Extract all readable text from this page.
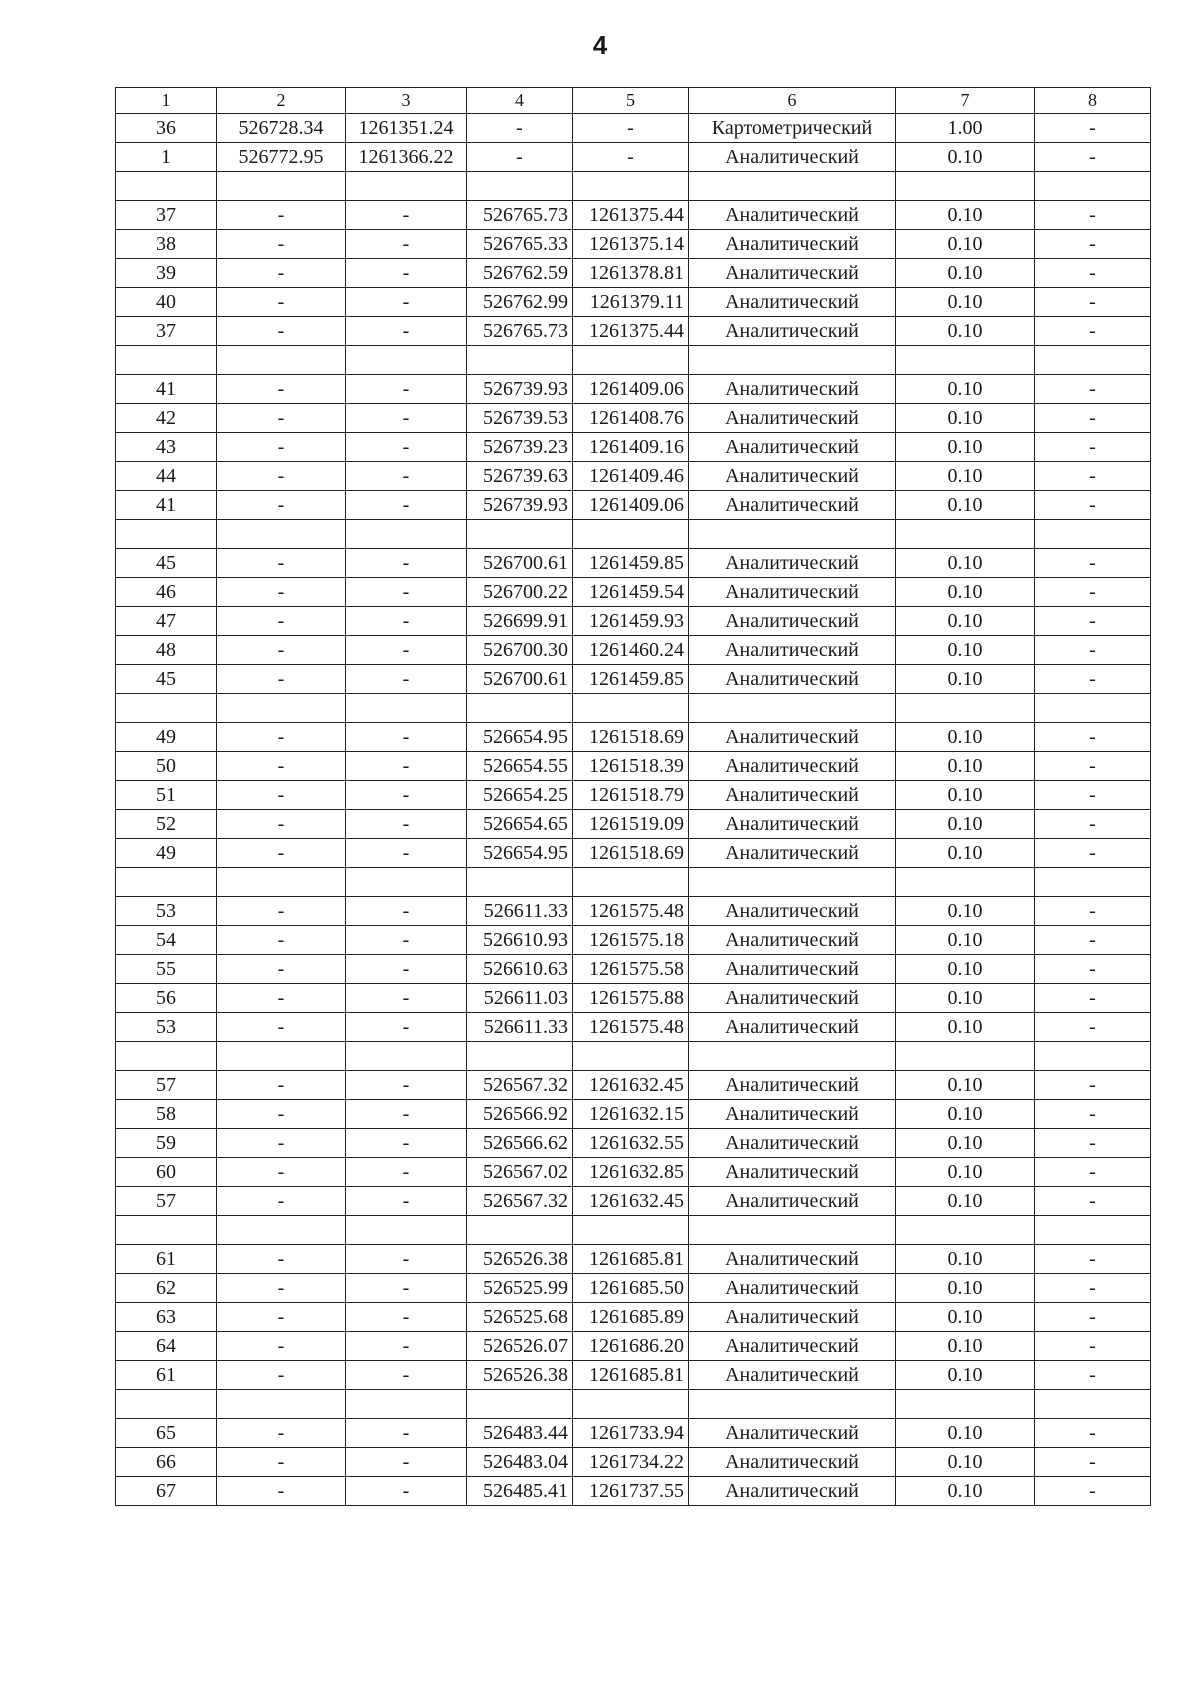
4
1	2	3	4	5	6	7	8
36	526728.34	1261351.24	-	-	Картометрический	1.00	-
1	526772.95	1261366.22	-	-	Аналитический	0.10	-

37	-	-	526765.73	1261375.44	Аналитический	0.10	-
38	-	-	526765.33	1261375.14	Аналитический	0.10	-
39	-	-	526762.59	1261378.81	Аналитический	0.10	-
40	-	-	526762.99	1261379.11	Аналитический	0.10	-
37	-	-	526765.73	1261375.44	Аналитический	0.10	-

41	-	-	526739.93	1261409.06	Аналитический	0.10	-
42	-	-	526739.53	1261408.76	Аналитический	0.10	-
43	-	-	526739.23	1261409.16	Аналитический	0.10	-
44	-	-	526739.63	1261409.46	Аналитический	0.10	-
41	-	-	526739.93	1261409.06	Аналитический	0.10	-

45	-	-	526700.61	1261459.85	Аналитический	0.10	-
46	-	-	526700.22	1261459.54	Аналитический	0.10	-
47	-	-	526699.91	1261459.93	Аналитический	0.10	-
48	-	-	526700.30	1261460.24	Аналитический	0.10	-
45	-	-	526700.61	1261459.85	Аналитический	0.10	-

49	-	-	526654.95	1261518.69	Аналитический	0.10	-
50	-	-	526654.55	1261518.39	Аналитический	0.10	-
51	-	-	526654.25	1261518.79	Аналитический	0.10	-
52	-	-	526654.65	1261519.09	Аналитический	0.10	-
49	-	-	526654.95	1261518.69	Аналитический	0.10	-

53	-	-	526611.33	1261575.48	Аналитический	0.10	-
54	-	-	526610.93	1261575.18	Аналитический	0.10	-
55	-	-	526610.63	1261575.58	Аналитический	0.10	-
56	-	-	526611.03	1261575.88	Аналитический	0.10	-
53	-	-	526611.33	1261575.48	Аналитический	0.10	-

57	-	-	526567.32	1261632.45	Аналитический	0.10	-
58	-	-	526566.92	1261632.15	Аналитический	0.10	-
59	-	-	526566.62	1261632.55	Аналитический	0.10	-
60	-	-	526567.02	1261632.85	Аналитический	0.10	-
57	-	-	526567.32	1261632.45	Аналитический	0.10	-

61	-	-	526526.38	1261685.81	Аналитический	0.10	-
62	-	-	526525.99	1261685.50	Аналитический	0.10	-
63	-	-	526525.68	1261685.89	Аналитический	0.10	-
64	-	-	526526.07	1261686.20	Аналитический	0.10	-
61	-	-	526526.38	1261685.81	Аналитический	0.10	-

65	-	-	526483.44	1261733.94	Аналитический	0.10	-
66	-	-	526483.04	1261734.22	Аналитический	0.10	-
67	-	-	526485.41	1261737.55	Аналитический	0.10	-
